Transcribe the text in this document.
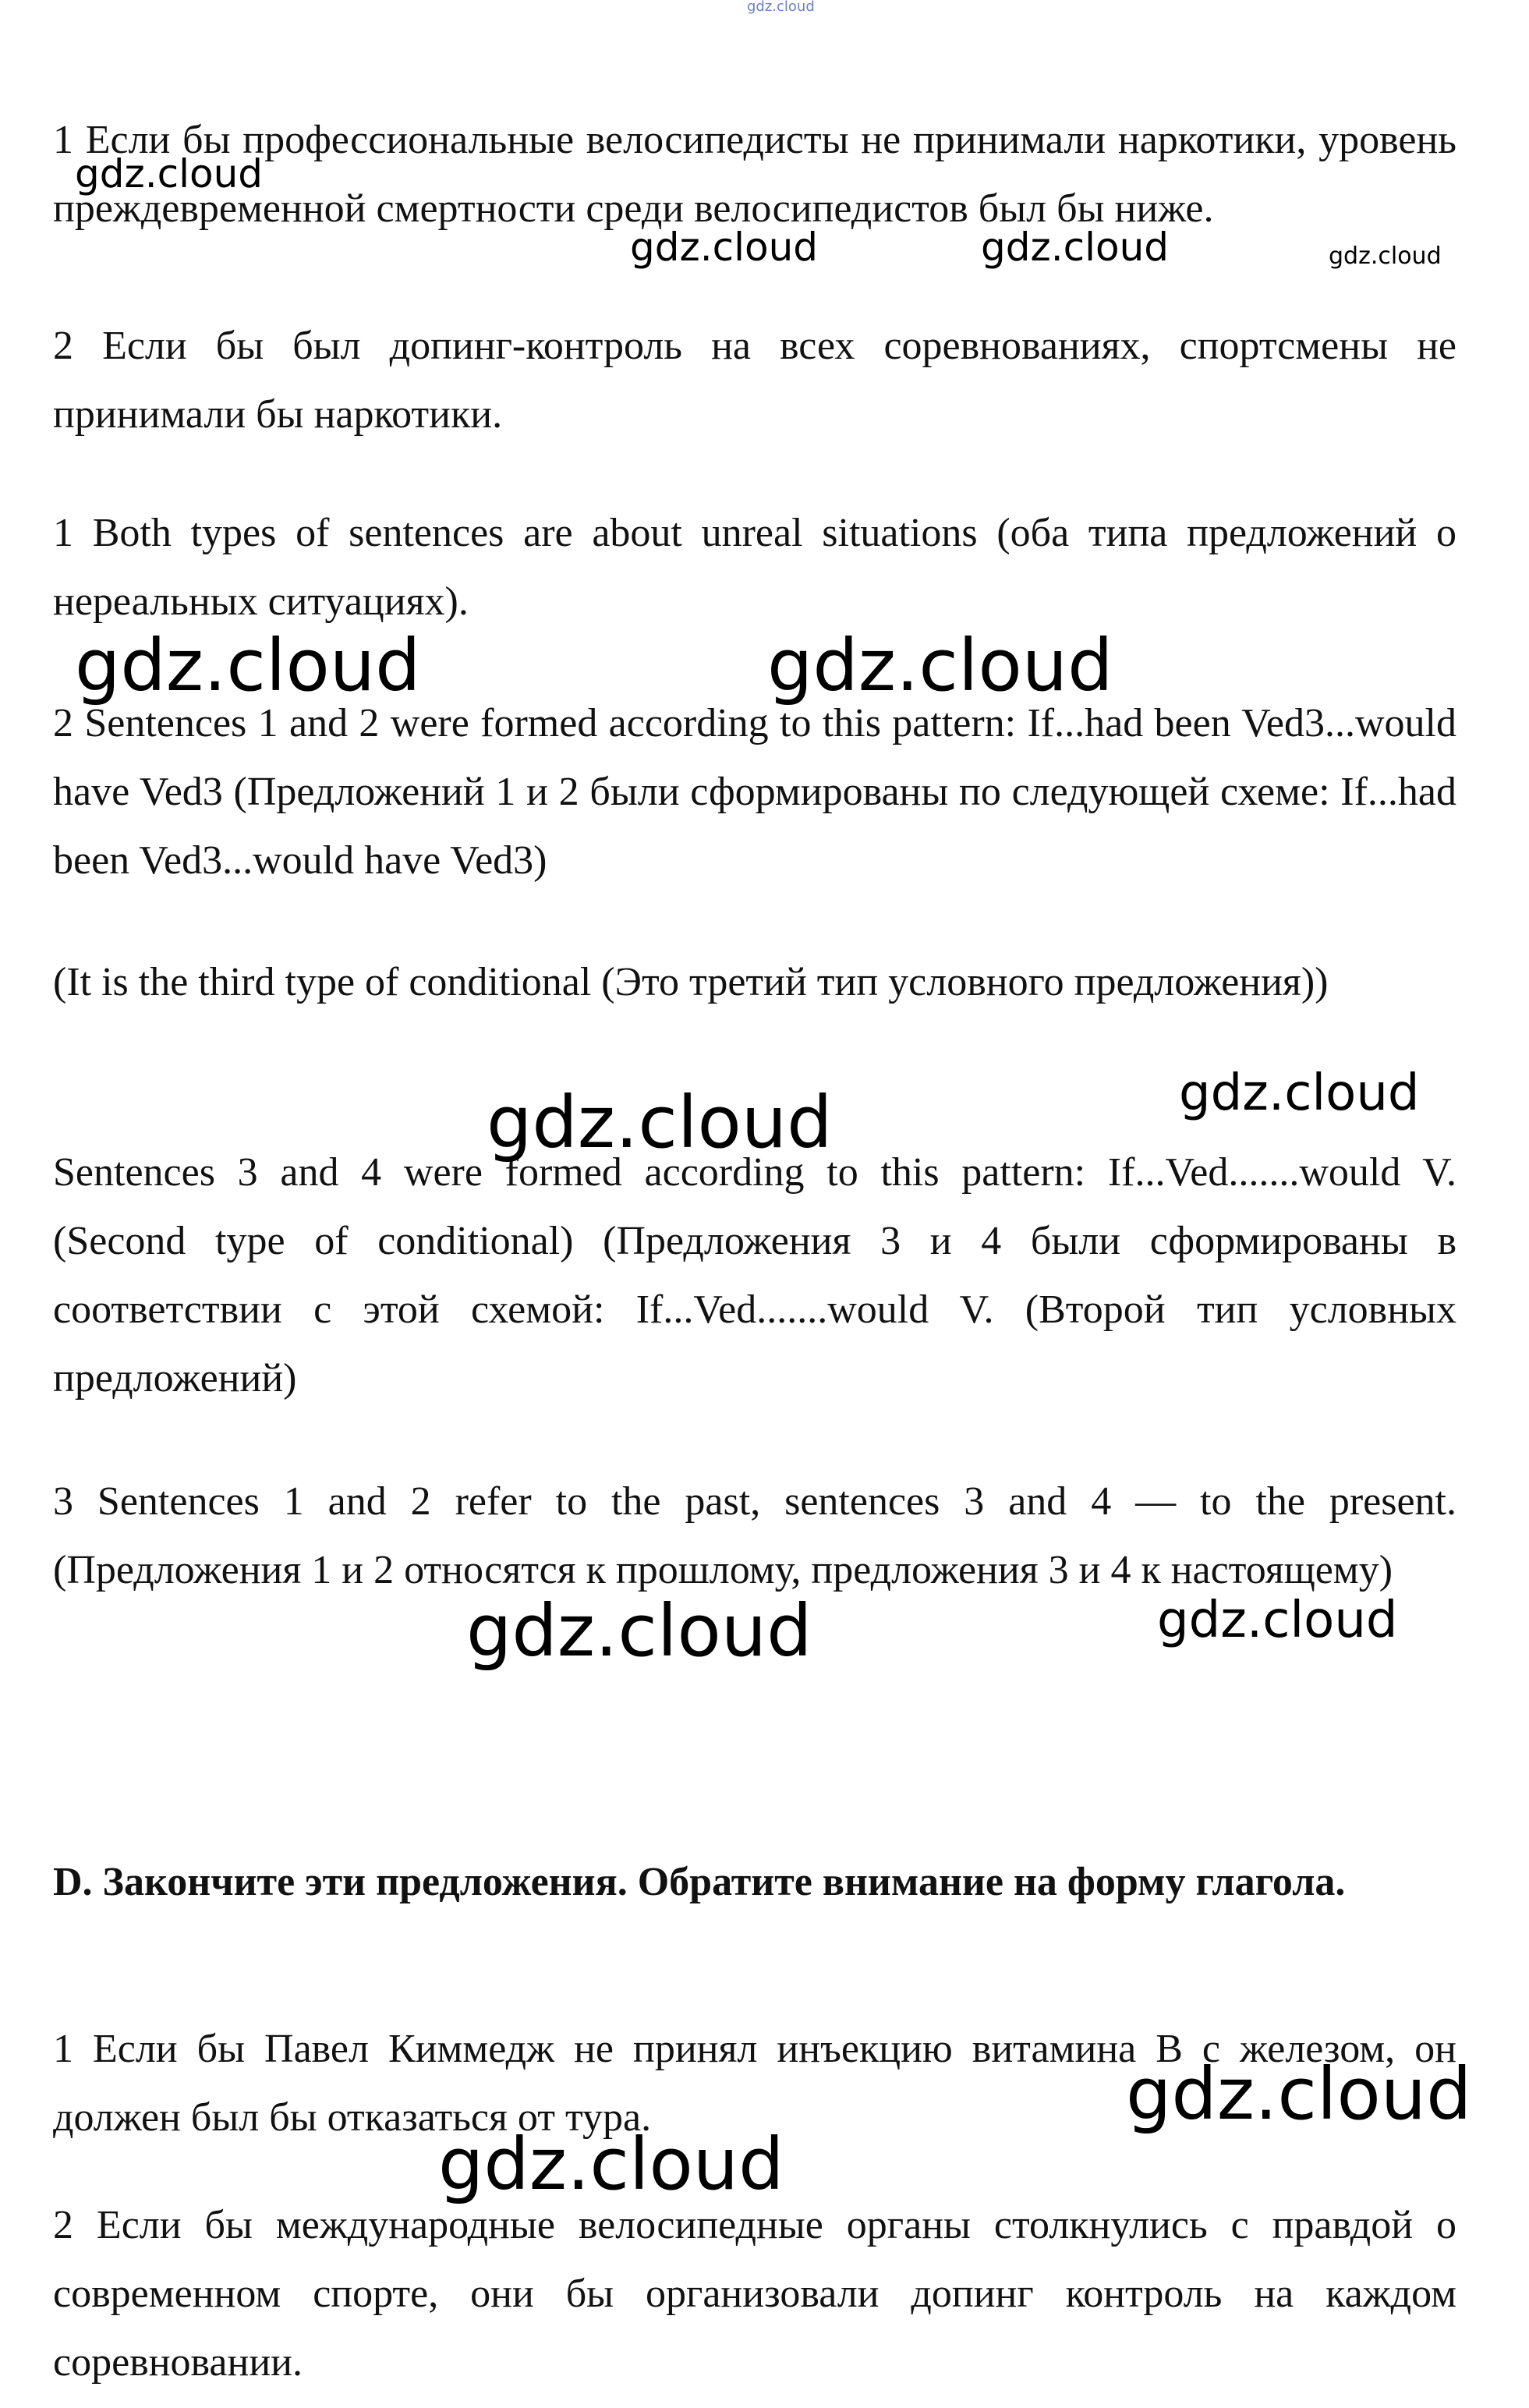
gdz.cloud

1 Если бы профессиональные велосипедисты не принимали наркотики, уровень преждевременной смертности среди велосипедистов был бы ниже.

2 Если бы был допинг-контроль на всех соревнованиях, спортсмены не принимали бы наркотики.

1 Both types of sentences are about unreal situations (оба типа предложений о нереальных ситуациях).

2 Sentences 1 and 2 were formed according to this pattern: If...had been Ved3...would have Ved3 (Предложений 1 и 2 были сформированы по следующей схеме: If...had been Ved3...would have Ved3)

(It is the third type of conditional (Это третий тип условного предложения))

Sentences 3 and 4 were formed according to this pattern: If...Ved.......would V. (Second type of conditional) (Предложения 3 и 4 были сформированы в соответствии с этой схемой: If...Ved.......would V. (Второй тип условных предложений)

3 Sentences 1 and 2 refer to the past, sentences 3 and 4 — to the present. (Предложения 1 и 2 относятся к прошлому, предложения 3 и 4 к настоящему)

D. Закончите эти предложения. Обратите внимание на форму глагола.

1 Если бы Павел Киммедж не принял инъекцию витамина В с железом, он должен был бы отказаться от тура.

2 Если бы международные велосипедные органы столкнулись с правдой о современном спорте, они бы организовали допинг контроль на каждом соревновании.

gdz.cloud
gdz.cloud	gdz.cloud	gdz.cloud
gdz.cloud	gdz.cloud
gdz.cloud	gdz.cloud
gdz.cloud	gdz.cloud
gdz.cloud
gdz.cloud
